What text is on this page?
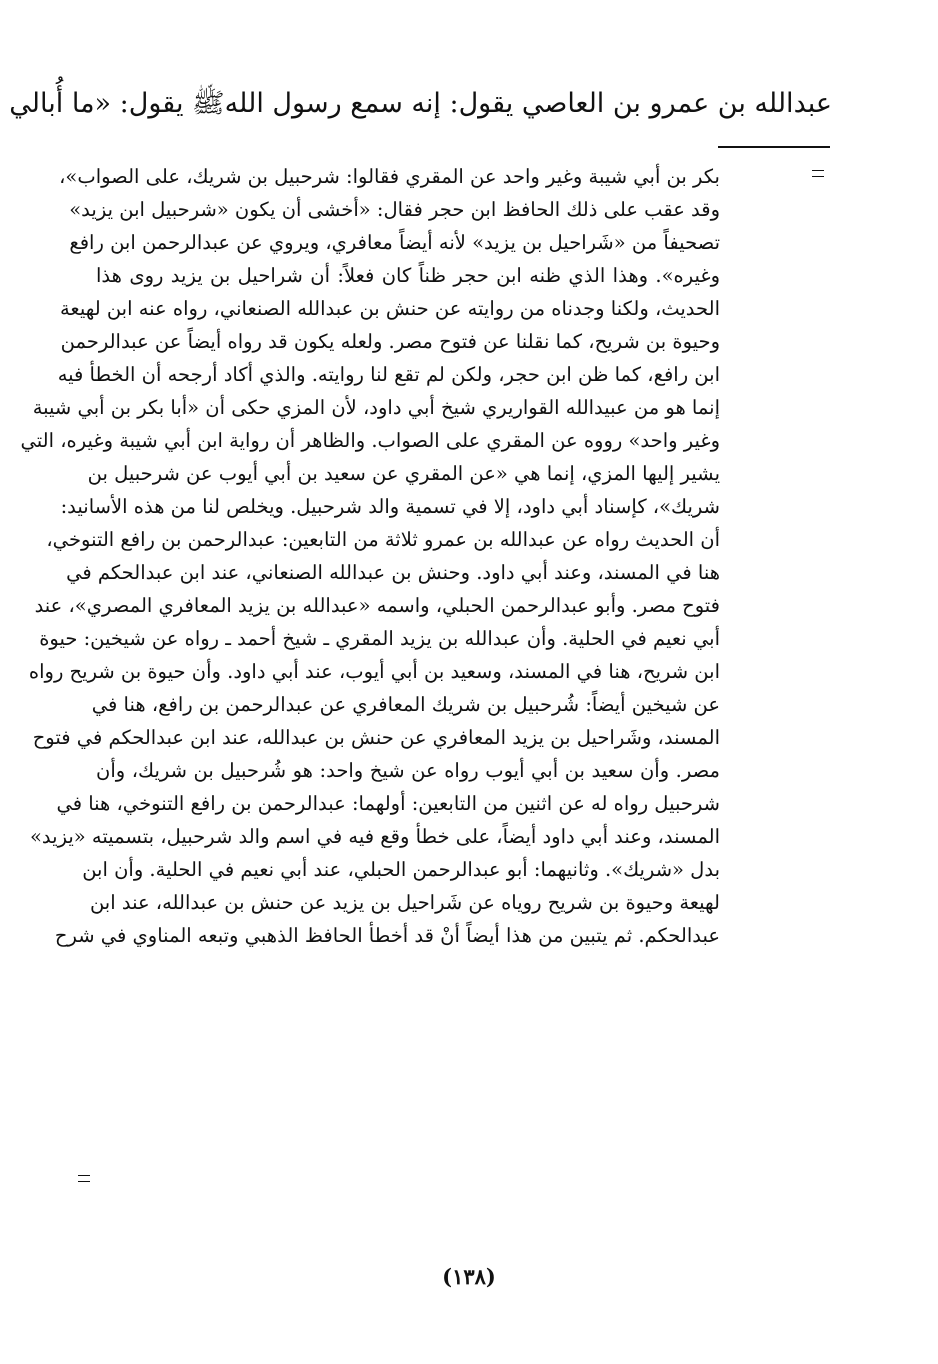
عبدالله بن عمرو بن العاصي يقول: إنه سمع رسول اللهﷺ يقول: «ما أُبالي
بكر بن أبي شيبة وغير واحد عن المقري فقالوا: شرحبيل بن شريك، على الصواب»،
وقد عقب على ذلك الحافظ ابن حجر فقال: «أخشى أن يكون «شرحبيل ابن يزيد»
تصحيفاً من «شَراحيل بن يزيد» لأنه أيضاً معافري، ويروي عن عبدالرحمن ابن رافع
وغيره». وهذا الذي ظنه ابن حجر ظناً كان فعلاً: أن شراحيل بن يزيد روى هذا
الحديث، ولكنا وجدناه من روايته عن حنش بن عبدالله الصنعاني، رواه عنه ابن لهيعة
وحيوة بن شريح، كما نقلنا عن فتوح مصر. ولعله يكون قد رواه أيضاً عن عبدالرحمن
ابن رافع، كما ظن ابن حجر، ولكن لم تقع لنا روايته. والذي أكاد أرجحه أن الخطأ فيه
إنما هو من عبيدالله القواريري شيخ أبي داود، لأن المزي حكى أن «أبا بكر بن أبي شيبة
وغير واحد» رووه عن المقري على الصواب. والظاهر أن رواية ابن أبي شيبة وغيره، التي
يشير إليها المزي، إنما هي «عن المقري عن سعيد بن أبي أيوب عن شرحبيل بن
شريك»، كإسناد أبي داود، إلا في تسمية والد شرحبيل. ويخلص لنا من هذه الأسانيد:
أن الحديث رواه عن عبدالله بن عمرو ثلاثة من التابعين: عبدالرحمن بن رافع التنوخي،
هنا في المسند، وعند أبي داود. وحنش بن عبدالله الصنعاني، عند ابن عبدالحكم في
فتوح مصر. وأبو عبدالرحمن الحبلي، واسمه «عبدالله بن يزيد المعافري المصري»، عند
أبي نعيم في الحلية. وأن عبدالله بن يزيد المقري ـ شيخ أحمد ـ رواه عن شيخين: حيوة
ابن شريح، هنا في المسند، وسعيد بن أبي أيوب، عند أبي داود. وأن حيوة بن شريح رواه
عن شيخين أيضاً: شُرحبيل بن شريك المعافري عن عبدالرحمن بن رافع، هنا في
المسند، وشَراحيل بن يزيد المعافري عن حنش بن عبدالله، عند ابن عبدالحكم في فتوح
مصر. وأن سعيد بن أبي أيوب رواه عن شيخ واحد: هو شُرحبيل بن شريك، وأن
شرحبيل رواه له عن اثنين من التابعين: أولهما: عبدالرحمن بن رافع التنوخي، هنا في
المسند، وعند أبي داود أيضاً، على خطأ وقع فيه في اسم والد شرحبيل، بتسميته «يزيد»
بدل «شريك». وثانيهما: أبو عبدالرحمن الحبلي، عند أبي نعيم في الحلية. وأن ابن
لهيعة وحيوة بن شريح روياه عن شَراحيل بن يزيد عن حنش بن عبدالله، عند ابن
عبدالحكم. ثم يتبين من هذا أيضاً أنْ قد أخطأ الحافظ الذهبي وتبعه المناوي في شرح
(١٣٨)
